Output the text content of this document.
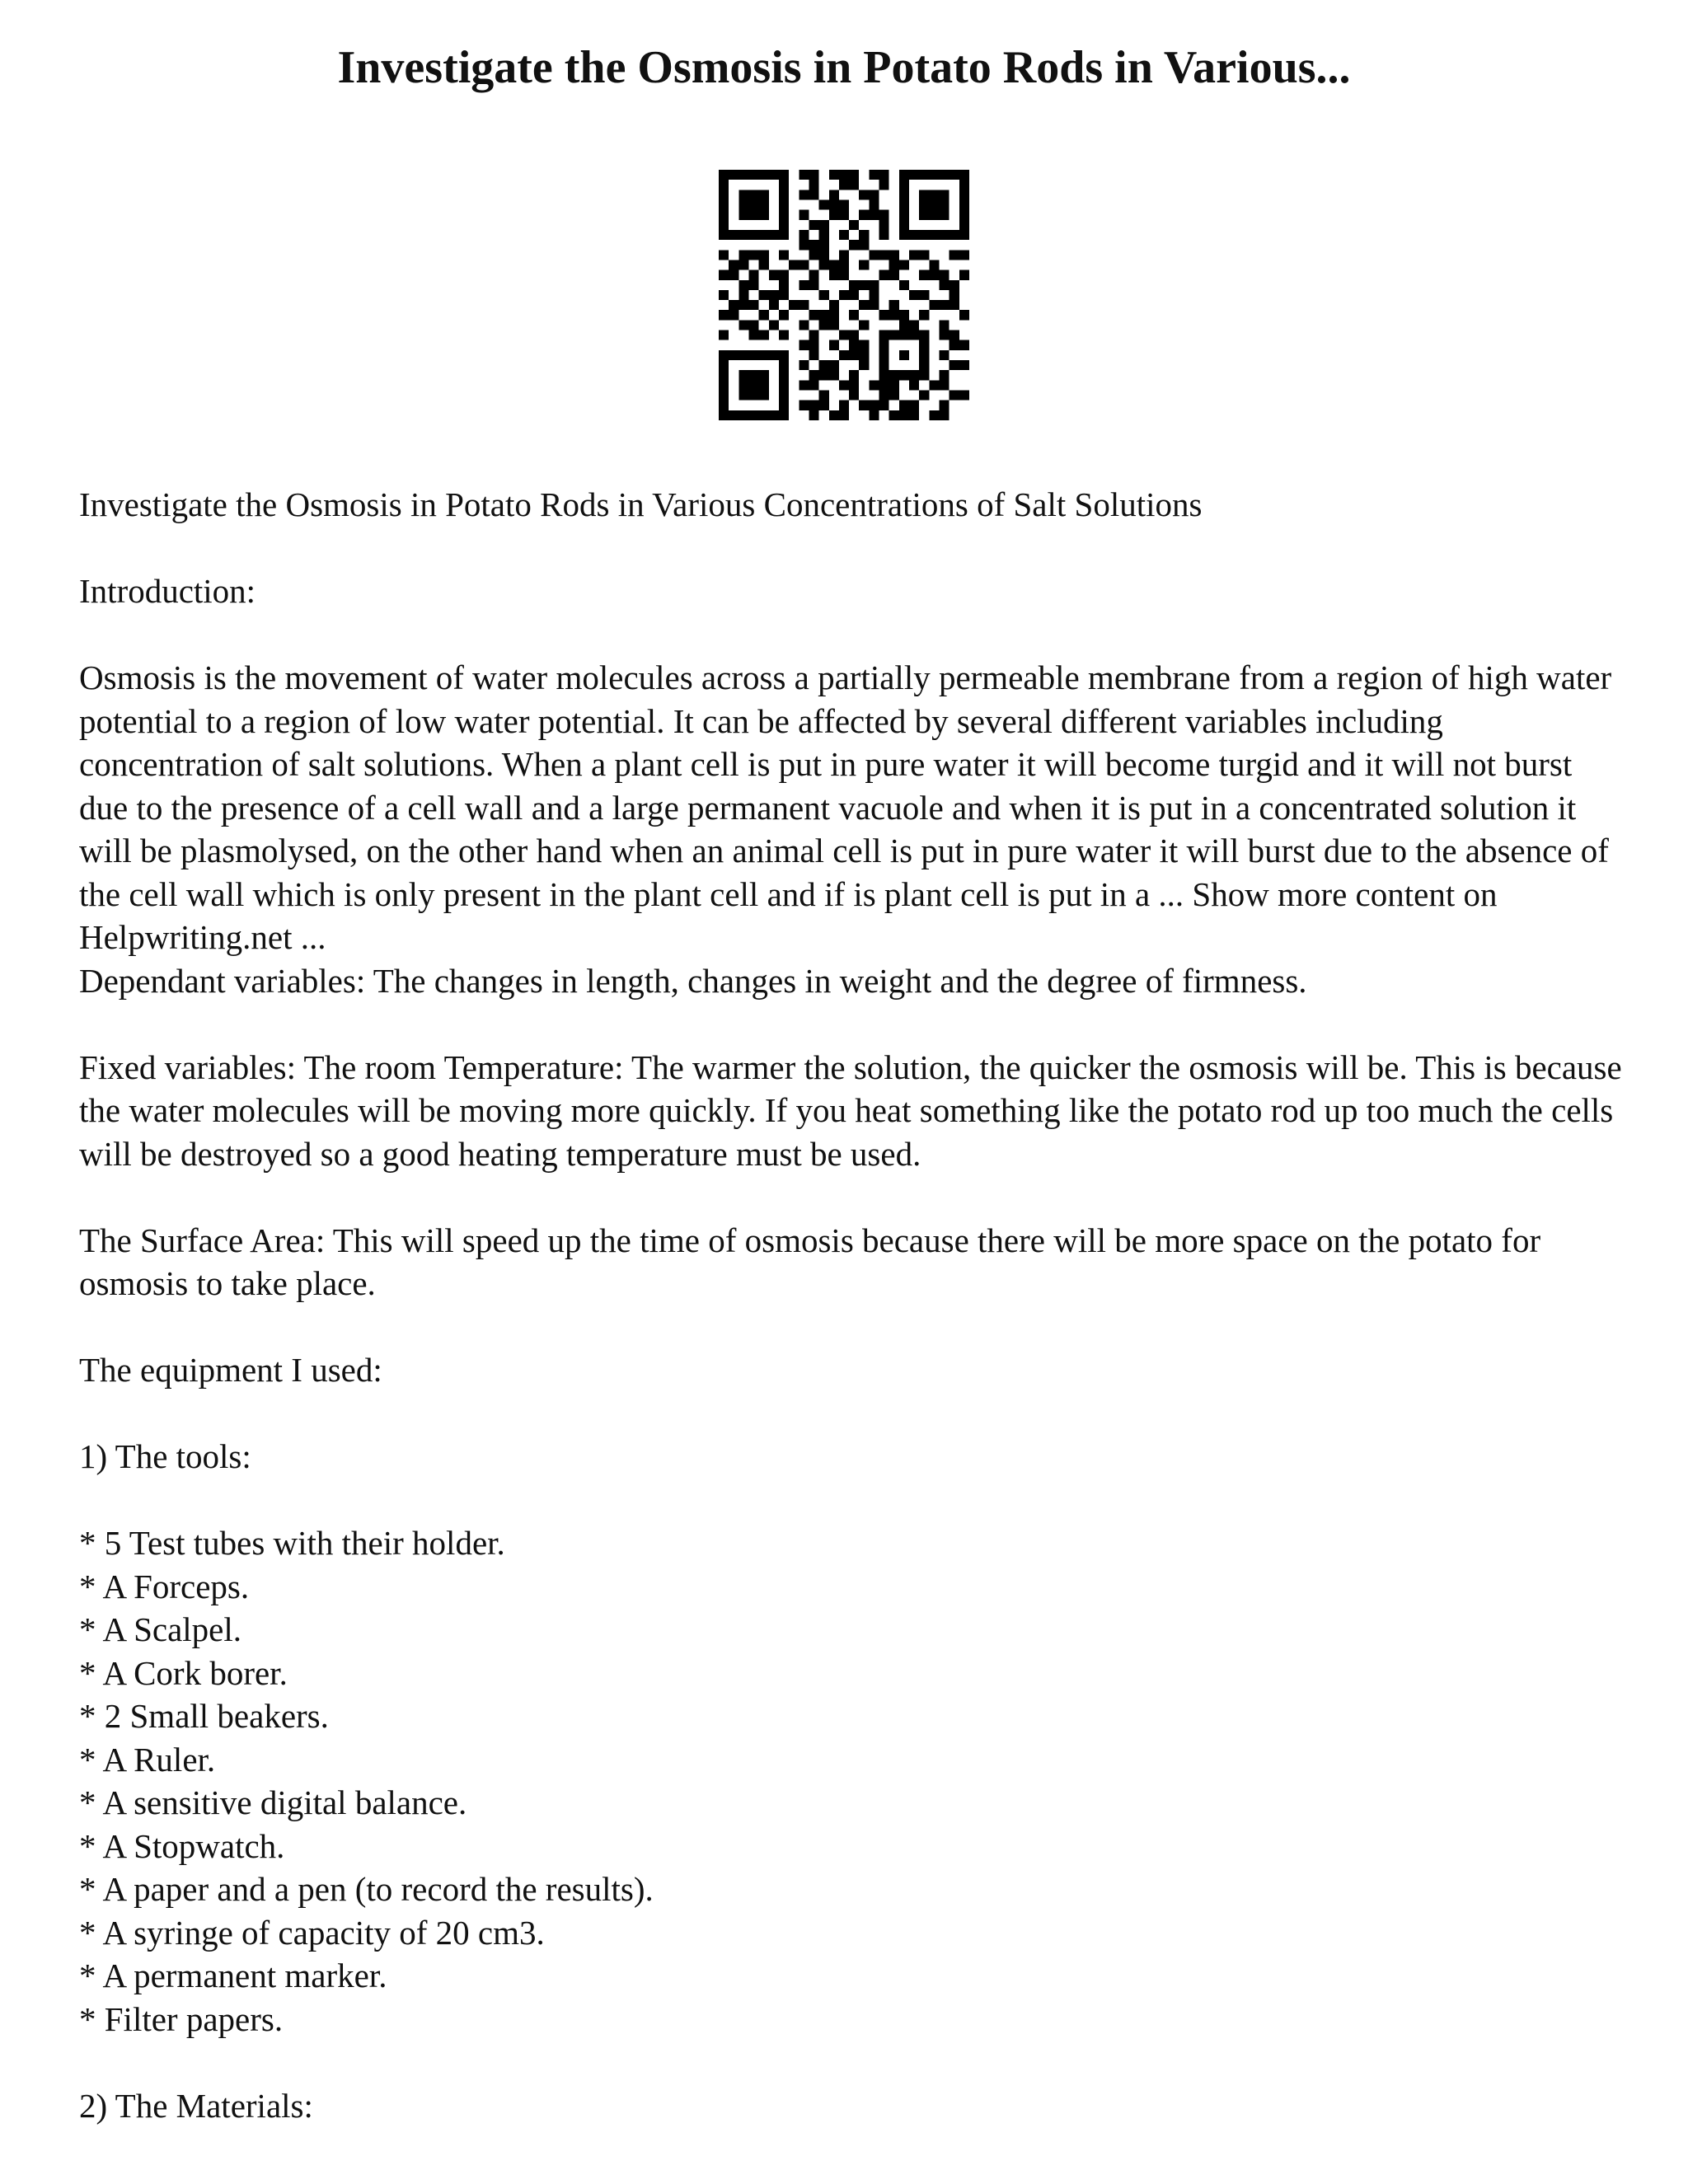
Investigate the Osmosis in Potato Rods in Various...

Investigate the Osmosis in Potato Rods in Various Concentrations of Salt Solutions

Introduction:

Osmosis is the movement of water molecules across a partially permeable membrane from a region of high water potential to a region of low water potential. It can be affected by several different variables including concentration of salt solutions. When a plant cell is put in pure water it will become turgid and it will not burst due to the presence of a cell wall and a large permanent vacuole and when it is put in a concentrated solution it will be plasmolysed, on the other hand when an animal cell is put in pure water it will burst due to the absence of the cell wall which is only present in the plant cell and if is plant cell is put in a ... Show more content on Helpwriting.net ...

Dependant variables: The changes in length, changes in weight and the degree of firmness.

Fixed variables: The room Temperature: The warmer the solution, the quicker the osmosis will be. This is because the water molecules will be moving more quickly. If you heat something like the potato rod up too much the cells will be destroyed so a good heating temperature must be used.

The Surface Area: This will speed up the time of osmosis because there will be more space on the potato for osmosis to take place.

The equipment I used:

1) The tools:

* 5 Test tubes with their holder.
* A Forceps.
* A Scalpel.
* A Cork borer.
* 2 Small beakers.
* A Ruler.
* A sensitive digital balance.
* A Stopwatch.
* A paper and a pen (to record the results).
* A syringe of capacity of 20 cm3.
* A permanent marker.
* Filter papers.

2) The Materials:
